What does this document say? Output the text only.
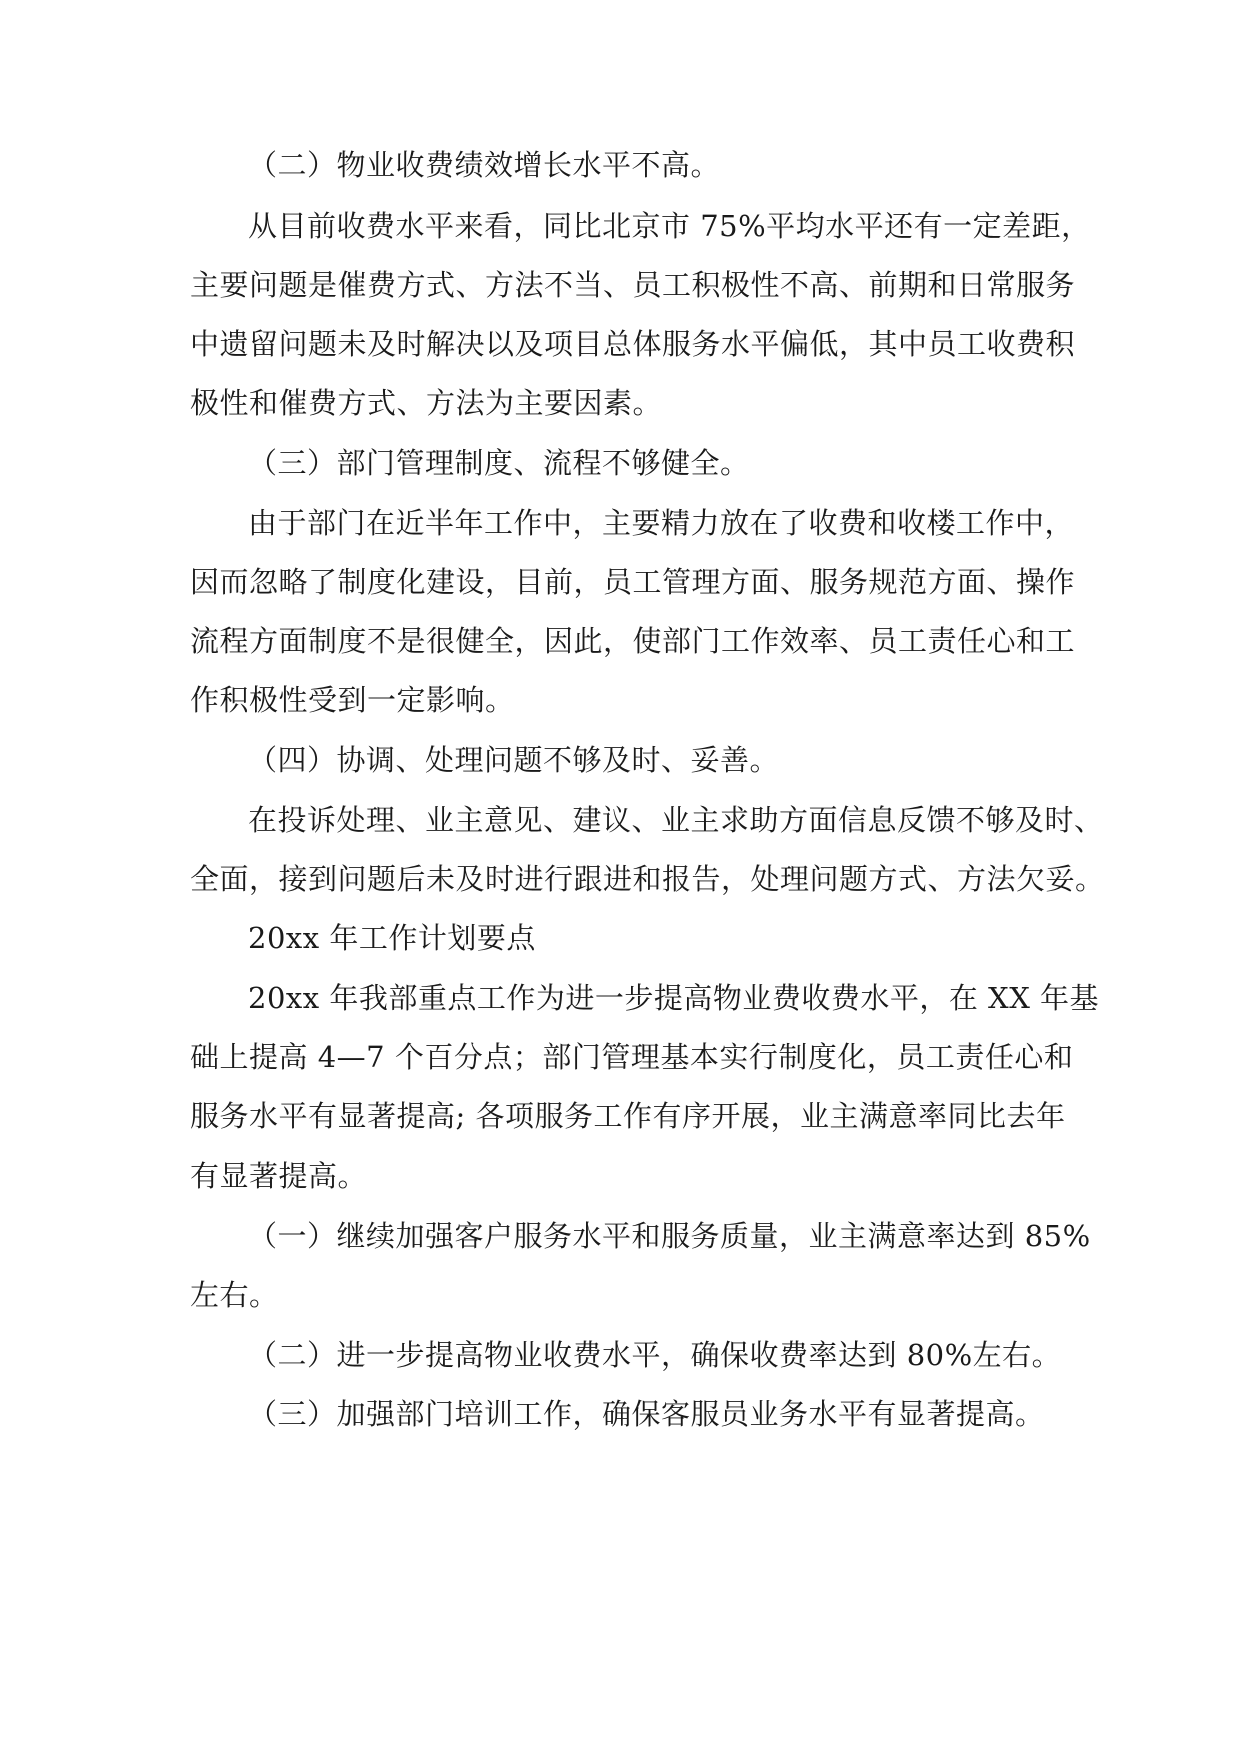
（二）物业收费绩效增长水平不高。
从目前收费水平来看，同比北京市 75%平均水平还有一定差距，
主要问题是催费方式、方法不当、员工积极性不高、前期和日常服务
中遗留问题未及时解决以及项目总体服务水平偏低，其中员工收费积
极性和催费方式、方法为主要因素。
（三）部门管理制度、流程不够健全。
由于部门在近半年工作中，主要精力放在了收费和收楼工作中，
因而忽略了制度化建设，目前，员工管理方面、服务规范方面、操作
流程方面制度不是很健全，因此，使部门工作效率、员工责任心和工
作积极性受到一定影响。
（四）协调、处理问题不够及时、妥善。
在投诉处理、业主意见、建议、业主求助方面信息反馈不够及时、
全面，接到问题后未及时进行跟进和报告，处理问题方式、方法欠妥。
20xx 年工作计划要点
20xx 年我部重点工作为进一步提高物业费收费水平，在 XX 年基
础上提高 4—7 个百分点；部门管理基本实行制度化，员工责任心和
服务水平有显著提高; 各项服务工作有序开展，业主满意率同比去年
有显著提高。
（一）继续加强客户服务水平和服务质量，业主满意率达到 85%
左右。
（二）进一步提高物业收费水平，确保收费率达到 80%左右。
（三）加强部门培训工作，确保客服员业务水平有显著提高。
